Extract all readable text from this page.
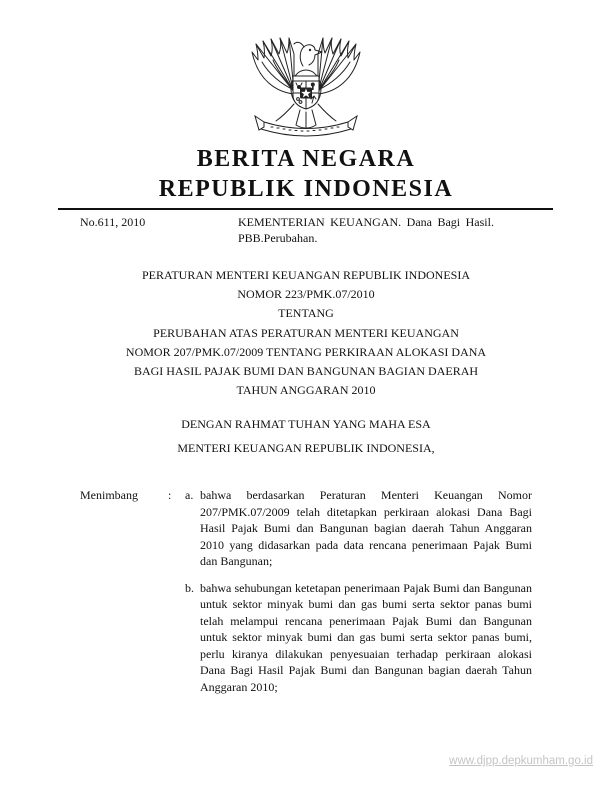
BERITA NEGARA
REPUBLIK INDONESIA
No.611, 2010	KEMENTERIAN KEUANGAN. Dana Bagi Hasil.
PBB.Perubahan.
PERATURAN MENTERI KEUANGAN REPUBLIK INDONESIA
NOMOR 223/PMK.07/2010
TENTANG
PERUBAHAN ATAS PERATURAN MENTERI KEUANGAN
NOMOR 207/PMK.07/2009 TENTANG PERKIRAAN ALOKASI DANA
BAGI HASIL PAJAK BUMI DAN BANGUNAN BAGIAN DAERAH
TAHUN ANGGARAN 2010
DENGAN RAHMAT TUHAN YANG MAHA ESA
MENTERI KEUANGAN REPUBLIK INDONESIA,
Menimbang	:	a. bahwa berdasarkan Peraturan Menteri Keuangan Nomor 207/PMK.07/2009 telah ditetapkan perkiraan alokasi Dana Bagi Hasil Pajak Bumi dan Bangunan bagian daerah Tahun Anggaran 2010 yang didasarkan pada data rencana penerimaan Pajak Bumi dan Bangunan;
b. bahwa sehubungan ketetapan penerimaan Pajak Bumi dan Bangunan untuk sektor minyak bumi dan gas bumi serta sektor panas bumi telah melampui rencana penerimaan Pajak Bumi dan Bangunan untuk sektor minyak bumi dan gas bumi serta sektor panas bumi, perlu kiranya dilakukan penyesuaian terhadap perkiraan alokasi Dana Bagi Hasil Pajak Bumi dan Bangunan bagian daerah Tahun Anggaran 2010;
www.djpp.depkumham.go.id
